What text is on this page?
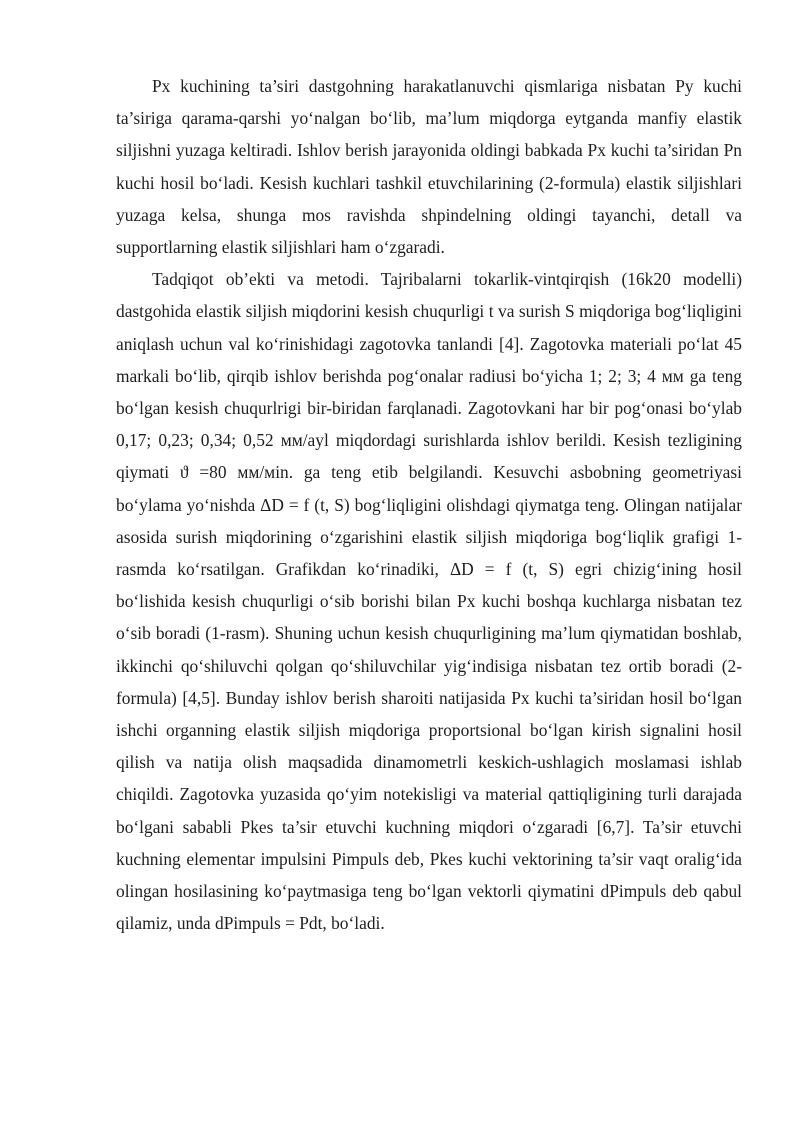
Px kuchining ta’siri dastgohning harakatlanuvchi qismlariga nisbatan Py kuchi ta’siriga qarama-qarshi yo‘nalgan bo‘lib, ma’lum miqdorga eytganda manfiy elastik siljishni yuzaga keltiradi. Ishlov berish jarayonida oldingi babkada Px kuchi ta’siridan Pn kuchi hosil bo‘ladi. Kesish kuchlari tashkil etuvchilarining (2-formula) elastik siljishlari yuzaga kelsa, shunga mos ravishda shpindelning oldingi tayanchi, detall va supportlarning elastik siljishlari ham o‘zgaradi.

Tadqiqot ob’ekti va metodi. Tajribalarni tokarlik-vintqirqish (16k20 modelli) dastgohida elastik siljish miqdorini kesish chuqurligi t va surish S miqdoriga bog‘liqligini aniqlash uchun val ko‘rinishidagi zagotovka tanlandi [4]. Zagotovka materiali po‘lat 45 markali bo‘lib, qirqib ishlov berishda pog‘onalar radiusi bo‘yicha 1; 2; 3; 4 мм ga teng bo‘lgan kesish chuqurlrigi bir-biridan farqlanadi. Zagotovkani har bir pog‘onasi bo‘ylab 0,17; 0,23; 0,34; 0,52 мм/ayl miqdordagi surishlarda ishlov berildi. Kesish tezligining qiymati ϑ =80 мм/мin. ga teng etib belgilandi. Kesuvchi asbobning geometriyasi bo‘ylama yo‘nishda ΔD = f (t, S) bog‘liqligini olishdagi qiymatga teng. Olingan natijalar asosida surish miqdorining o‘zgarishini elastik siljish miqdoriga bog‘liqlik grafigi 1-rasmda ko‘rsatilgan. Grafikdan ko‘rinadiki, ΔD = f (t, S) egri chizig‘ining hosil bo‘lishida kesish chuqurligi o‘sib borishi bilan Px kuchi boshqa kuchlarga nisbatan tez o‘sib boradi (1-rasm). Shuning uchun kesish chuqurligining ma’lum qiymatidan boshlab, ikkinchi qo‘shiluvchi qolgan qo‘shiluvchilar yig‘indisiga nisbatan tez ortib boradi (2-formula) [4,5]. Bunday ishlov berish sharoiti natijasida Px kuchi ta’siridan hosil bo‘lgan ishchi organning elastik siljish miqdoriga proportsional bo‘lgan kirish signalini hosil qilish va natija olish maqsadida dinamometrli keskich-ushlagich moslamasi ishlab chiqildi. Zagotovka yuzasida qo‘yim notekisligi va material qattiqligining turli darajada bo‘lgani sababli Pkes ta’sir etuvchi kuchning miqdori o‘zgaradi [6,7]. Ta’sir etuvchi kuchning elementar impulsini Pimpuls deb, Pkes kuchi vektorining ta’sir vaqt oralig‘ida olingan hosilasining ko‘paytmasiga teng bo‘lgan vektorli qiymatini dPimpuls deb qabul qilamiz, unda dPimpuls = Pdt, bo‘ladi.
